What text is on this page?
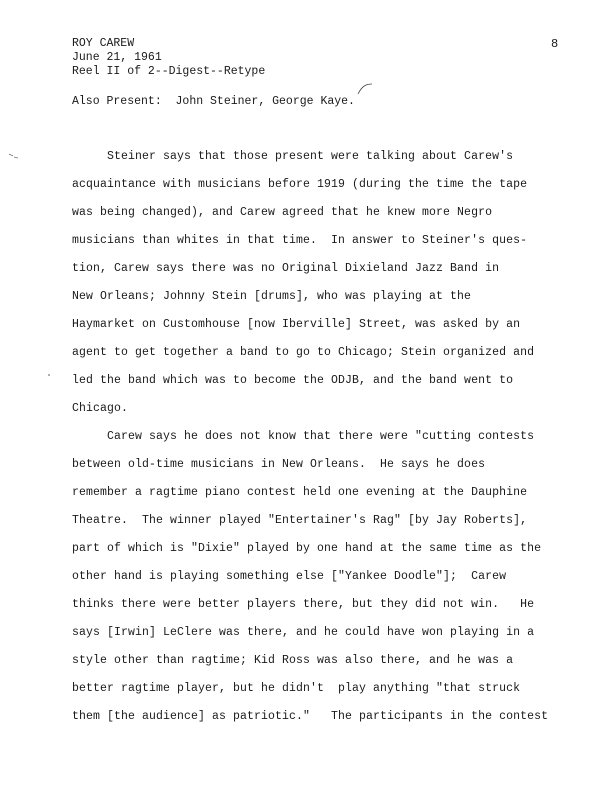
ROY CAREW
June 21, 1961
Reel II of 2--Digest--Retype
8
Also Present:  John Steiner, George Kaye.
Steiner says that those present were talking about Carew's
acquaintance with musicians before 1919 (during the time the tape
was being changed), and Carew agreed that he knew more Negro
musicians than whites in that time.  In answer to Steiner's ques-
tion, Carew says there was no Original Dixieland Jazz Band in
New Orleans; Johnny Stein [drums], who was playing at the
Haymarket on Customhouse [now Iberville] Street, was asked by an
agent to get together a band to go to Chicago; Stein organized and
led the band which was to become the ODJB, and the band went to
Chicago.
Carew says he does not know that there were "cutting contests
between old-time musicians in New Orleans.  He says he does
remember a ragtime piano contest held one evening at the Dauphine
Theatre.  The winner played "Entertainer's Rag" [by Jay Roberts],
part of which is "Dixie" played by one hand at the same time as the
other hand is playing something else ["Yankee Doodle"];  Carew
thinks there were better players there, but they did not win.   He
says [Irwin] LeClere was there, and he could have won playing in a
style other than ragtime; Kid Ross was also there, and he was a
better ragtime player, but he didn't  play anything "that struck
them [the audience] as patriotic."   The participants in the contest
